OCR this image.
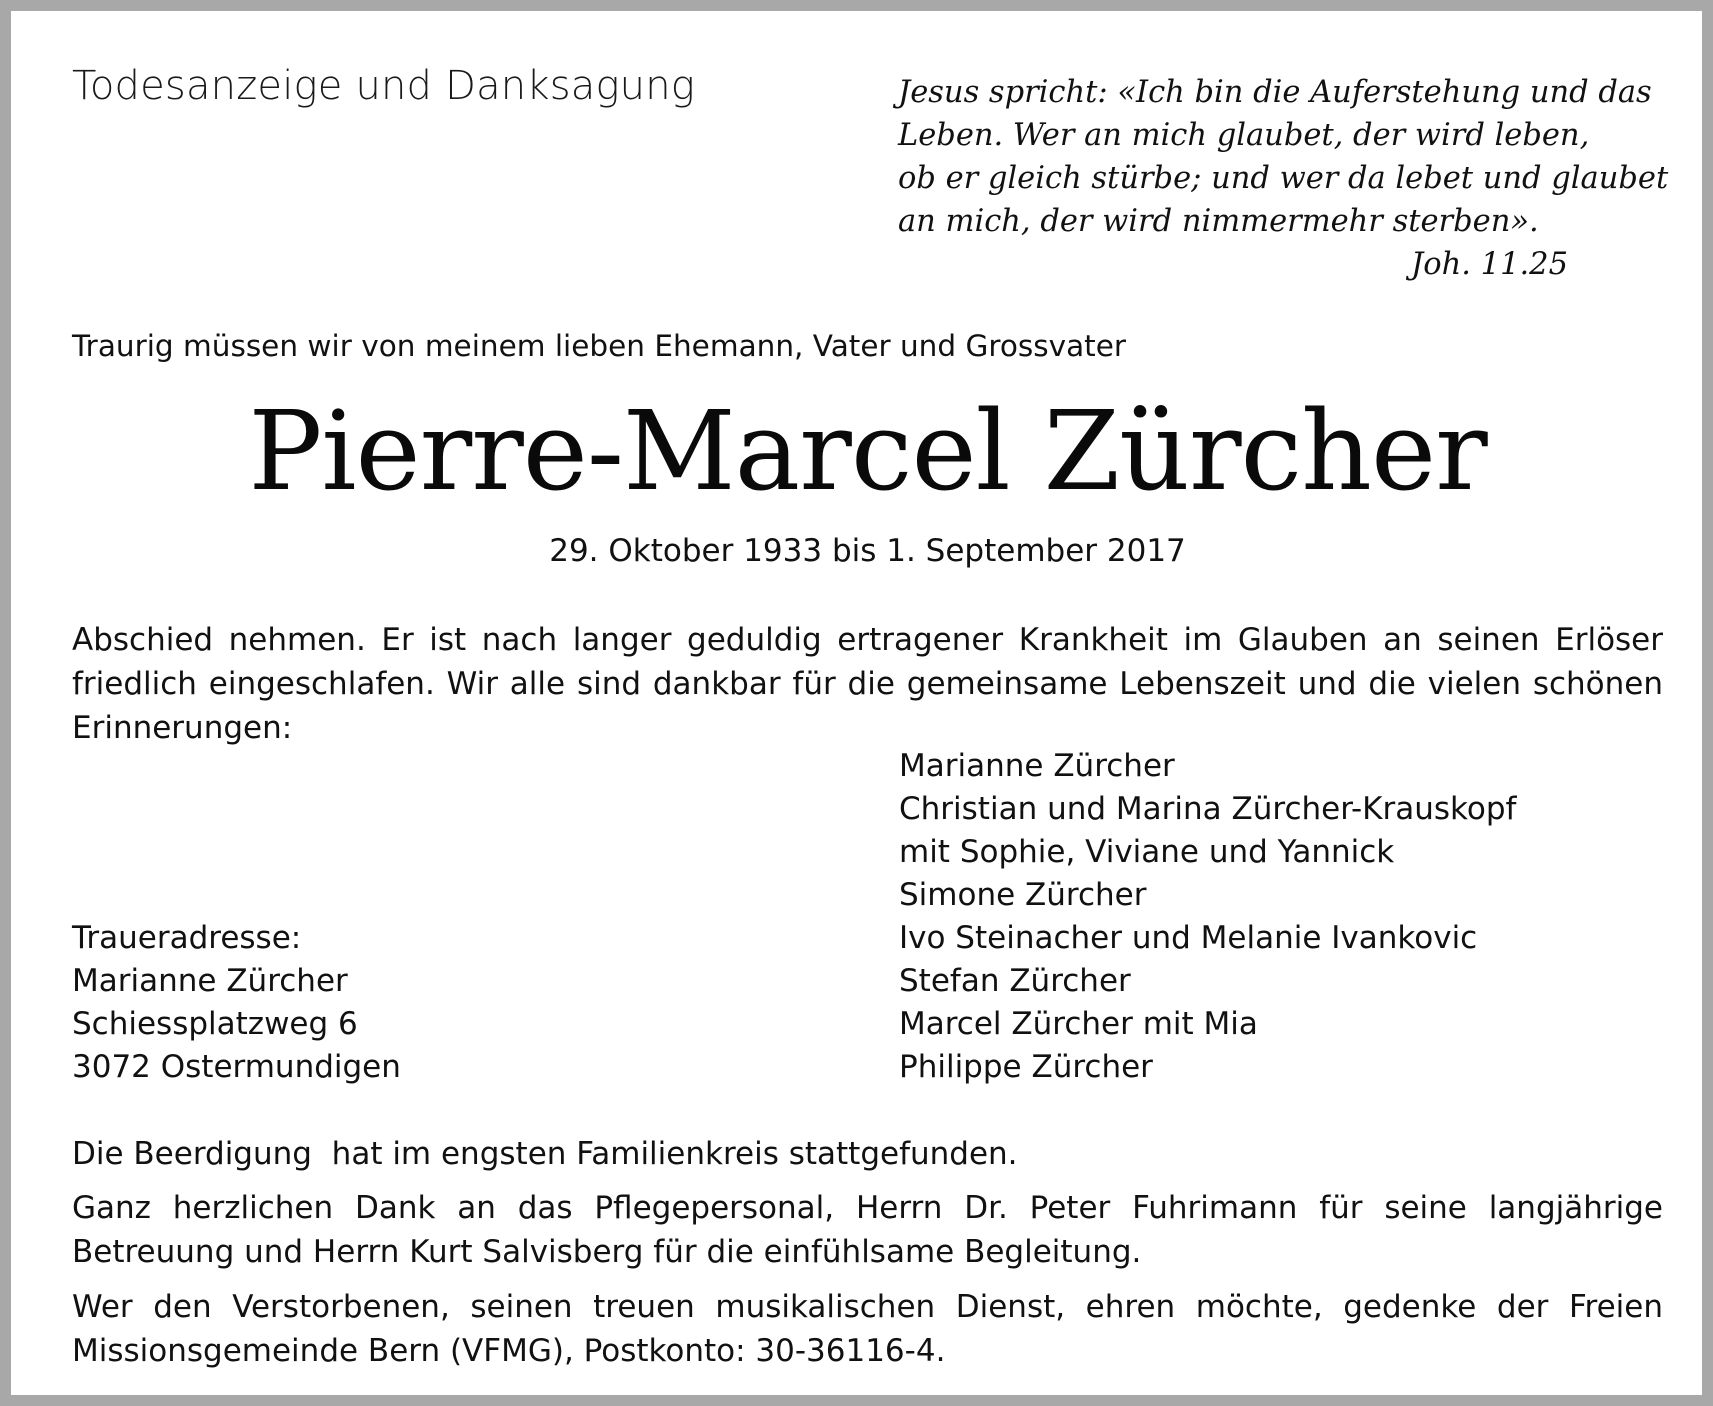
Todesanzeige und Danksagung	Jesus spricht: «Ich bin die Auferstehung und das
Leben. Wer an mich glaubet, der wird leben,
ob er gleich stürbe; und wer da lebet und glaubet
an mich, der wird nimmermehr sterben».
Joh. 11.25
Traurig müssen wir von meinem lieben Ehemann, Vater und Grossvater
Pierre-Marcel Zürcher
29. Oktober 1933 bis 1. September 2017
Abschied nehmen. Er ist nach langer geduldig ertragener Krankheit im Glauben an seinen Erlöser friedlich eingeschlafen. Wir alle sind dankbar für die gemeinsame Lebenszeit und die vielen schönen Erinnerungen:
Marianne Zürcher
Christian und Marina Zürcher-Krauskopf
mit Sophie, Viviane und Yannick
Simone Zürcher
Ivo Steinacher und Melanie Ivankovic
Stefan Zürcher
Marcel Zürcher mit Mia
Philippe Zürcher
Traueradresse:
Marianne Zürcher
Schiessplatzweg 6
3072 Ostermundigen
Die Beerdigung  hat im engsten Familienkreis stattgefunden.
Ganz herzlichen Dank an das Pflegepersonal, Herrn Dr. Peter Fuhrimann für seine langjährige Betreuung und Herrn Kurt Salvisberg für die einfühlsame Begleitung.
Wer den Verstorbenen, seinen treuen musikalischen Dienst, ehren möchte, gedenke der Freien Missionsgemeinde Bern (VFMG), Postkonto: 30-36116-4.
